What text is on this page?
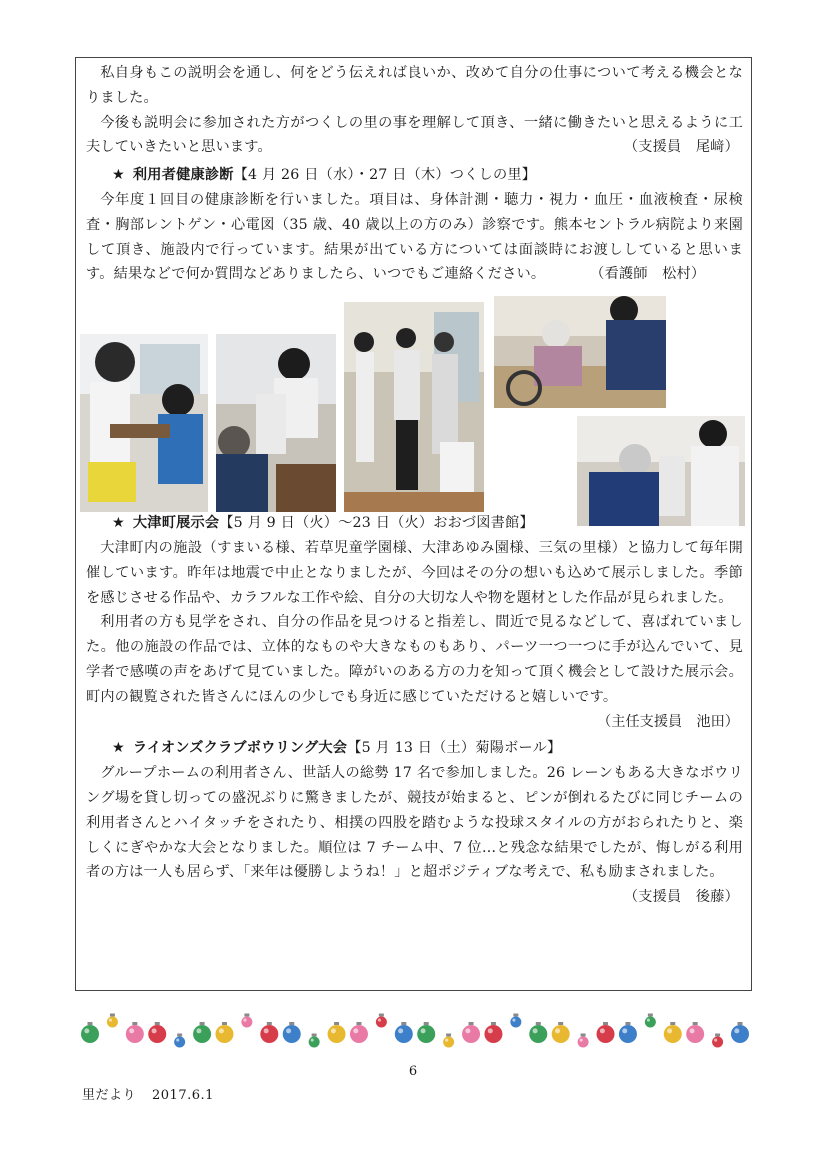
私自身もこの説明会を通し、何をどう伝えれば良いか、改めて自分の仕事について考える機会となりました。

今後も説明会に参加された方がつくしの里の事を理解して頂き、一緒に働きたいと思えるように工夫していきたいと思います。	（支援員　尾﨑）

★ 利用者健康診断【4 月 26 日（水）・27 日（木）つくしの里】

今年度１回目の健康診断を行いました。項目は、身体計測・聴力・視力・血圧・血液検査・尿検査・胸部レントゲン・心電図（35 歳、40 歳以上の方のみ）診察です。熊本セントラル病院より来園して頂き、施設内で行っています。結果が出ている方については面談時にお渡ししていると思います。結果などで何か質問などありましたら、いつでもご連絡ください。	（看護師　松村）

★ 大津町展示会【5 月 9 日（火）～23 日（火）おおづ図書館】

大津町内の施設（すまいる様、若草児童学園様、大津あゆみ園様、三気の里様）と協力して毎年開催しています。昨年は地震で中止となりましたが、今回はその分の想いも込めて展示しました。季節を感じさせる作品や、カラフルな工作や絵、自分の大切な人や物を題材とした作品が見られました。

利用者の方も見学をされ、自分の作品を見つけると指差し、間近で見るなどして、喜ばれていました。他の施設の作品では、立体的なものや大きなものもあり、パーツ一つ一つに手が込んでいて、見学者で感嘆の声をあげて見ていました。障がいのある方の力を知って頂く機会として設けた展示会。町内の観覧された皆さんにほんの少しでも身近に感じていただけると嬉しいです。

（主任支援員　池田）

★ ライオンズクラブボウリング大会【5 月 13 日（土）菊陽ボール】

グループホームの利用者さん、世話人の総勢 17 名で参加しました。26 レーンもある大きなボウリング場を貸し切っての盛況ぶりに驚きましたが、競技が始まると、ピンが倒れるたびに同じチームの利用者さんとハイタッチをされたり、相撲の四股を踏むような投球スタイルの方がおられたりと、楽しくにぎやかな大会となりました。順位は 7 チーム中、7 位…と残念な結果でしたが、悔しがる利用者の方は一人も居らず、「来年は優勝しようね！」と超ポジティブな考えで、私も励まされました。
（支援員　後藤）

6
里だより 2017.6.1
